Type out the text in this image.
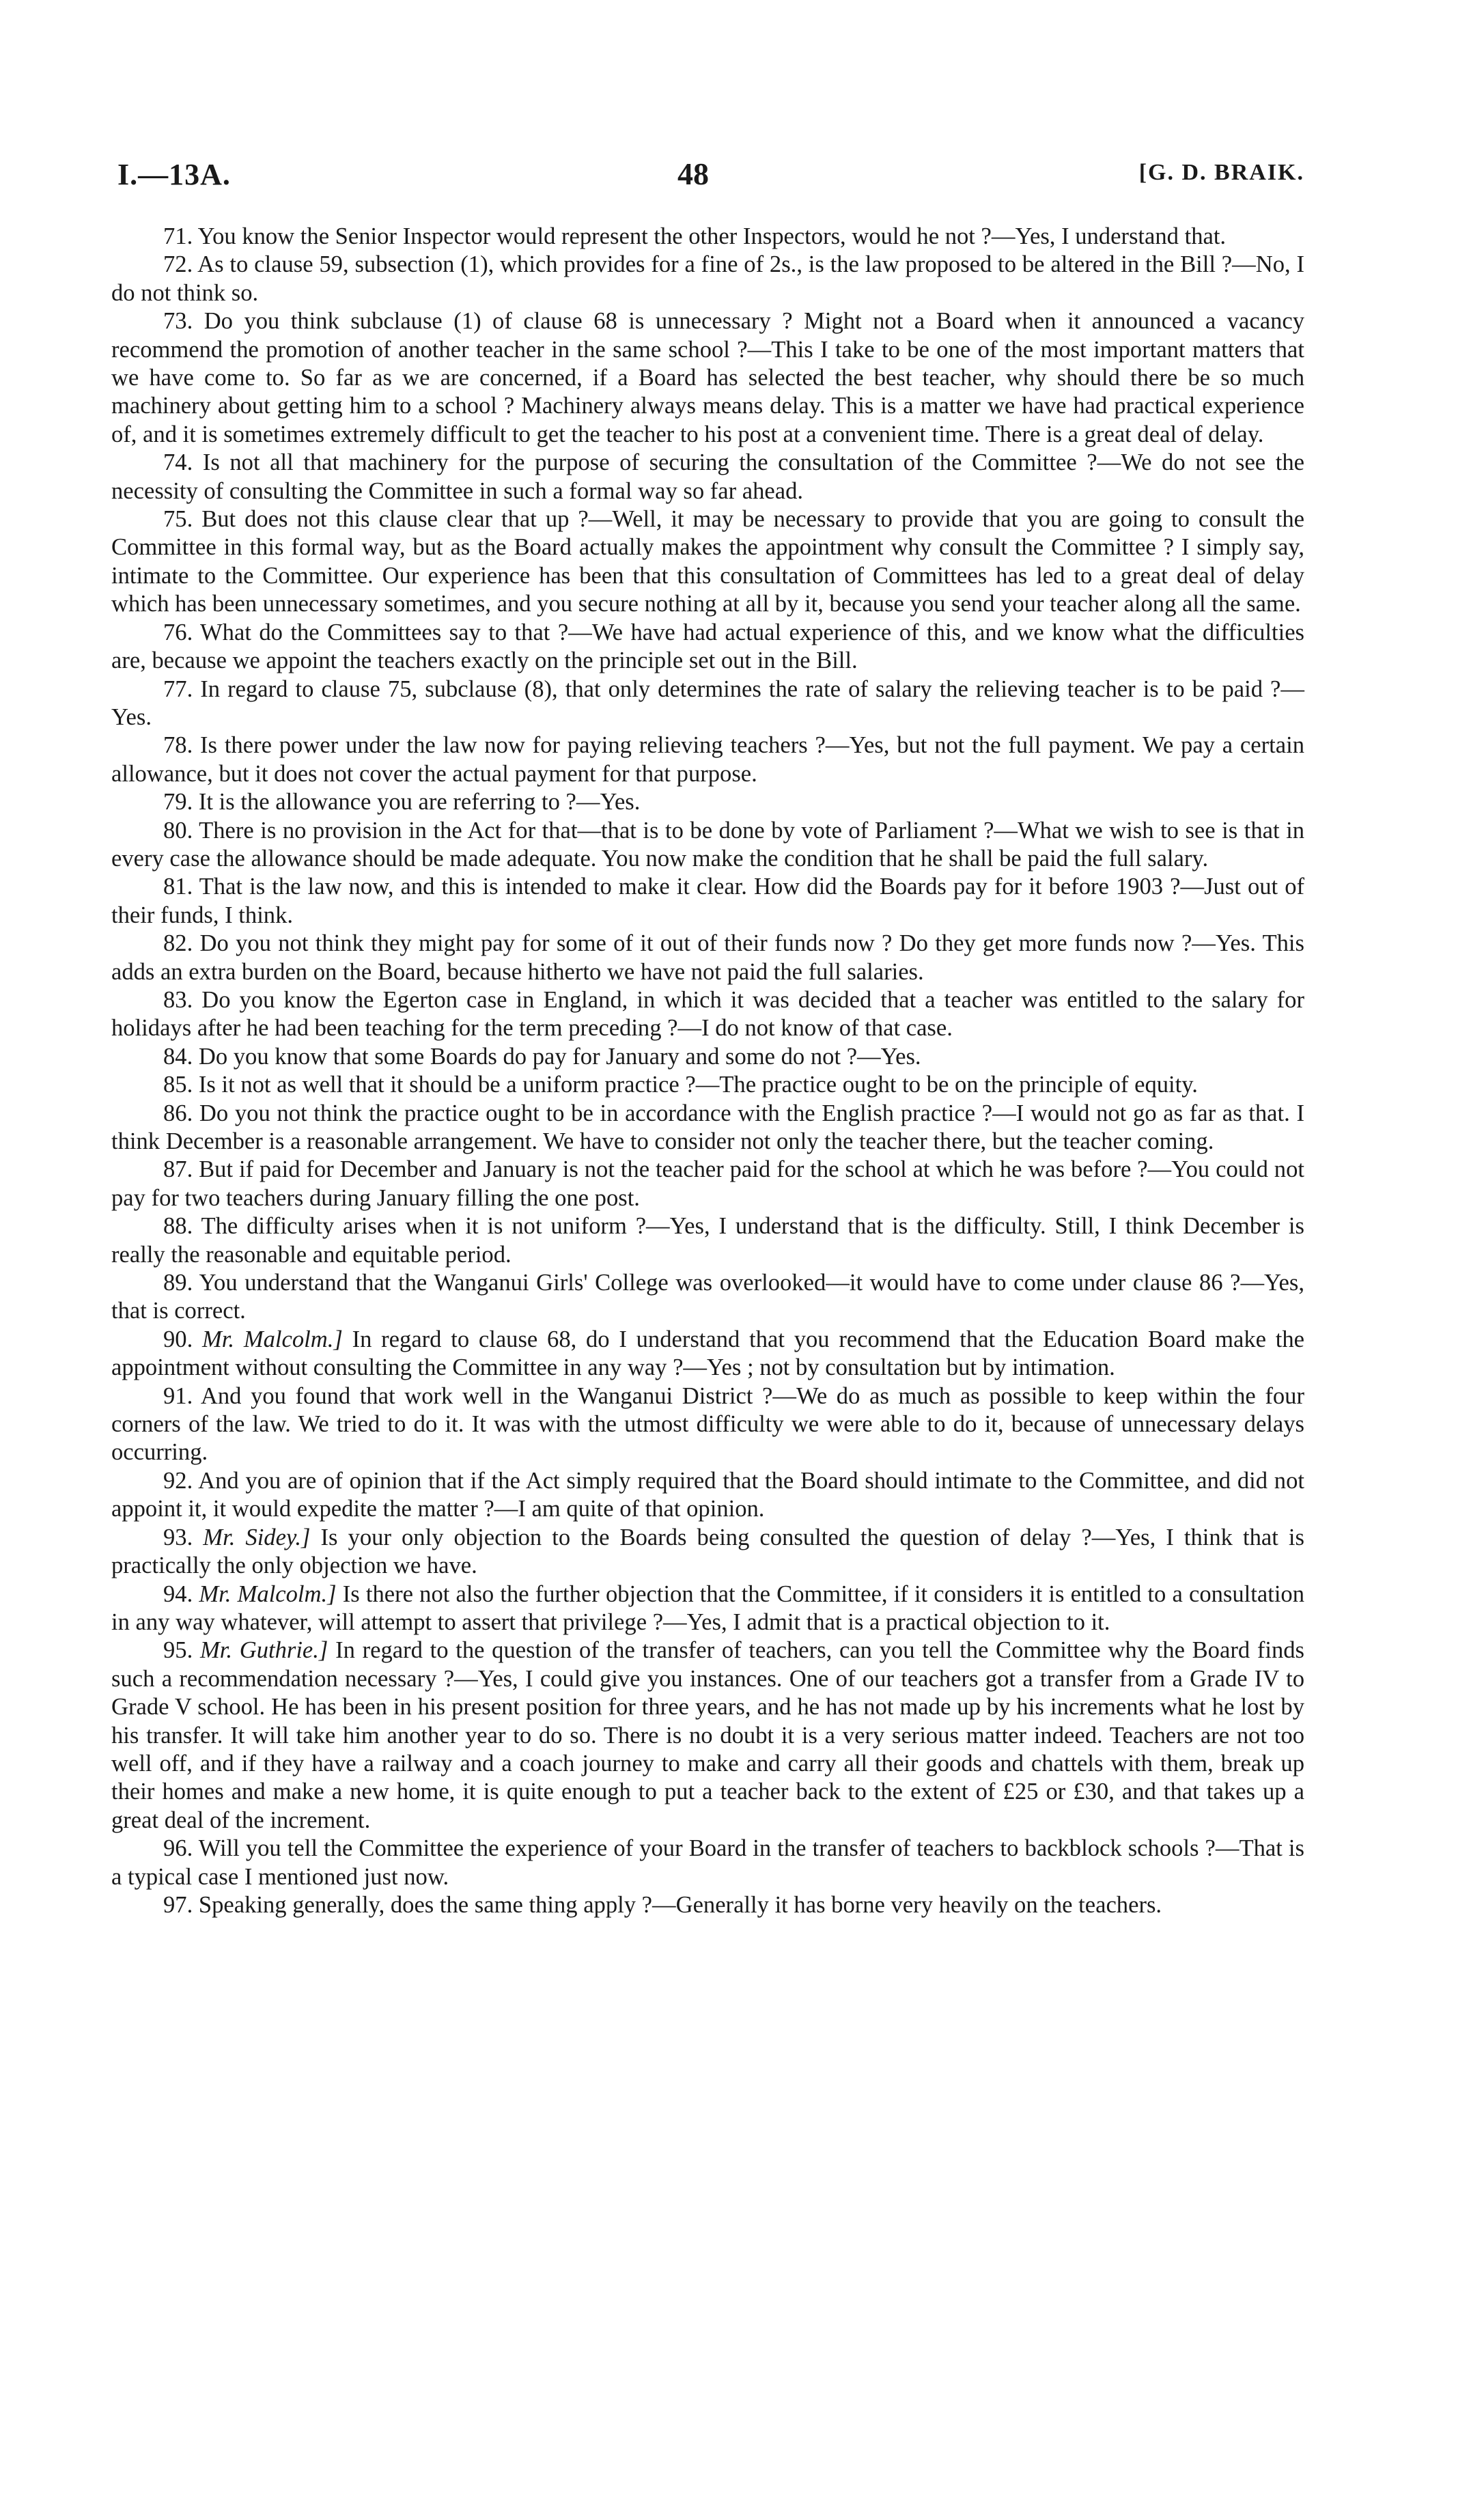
I.—13A.	48	[G. D. BRAIK.

71. You know the Senior Inspector would represent the other Inspectors, would he not ?—Yes, I understand that.

72. As to clause 59, subsection (1), which provides for a fine of 2s., is the law proposed to be altered in the Bill ?—No, I do not think so.

73. Do you think subclause (1) of clause 68 is unnecessary ? Might not a Board when it announced a vacancy recommend the promotion of another teacher in the same school ?—This I take to be one of the most important matters that we have come to. So far as we are concerned, if a Board has selected the best teacher, why should there be so much machinery about getting him to a school ? Machinery always means delay. This is a matter we have had practical experience of, and it is sometimes extremely difficult to get the teacher to his post at a convenient time. There is a great deal of delay.

74. Is not all that machinery for the purpose of securing the consultation of the Committee ?—We do not see the necessity of consulting the Committee in such a formal way so far ahead.

75. But does not this clause clear that up ?—Well, it may be necessary to provide that you are going to consult the Committee in this formal way, but as the Board actually makes the appointment why consult the Committee ? I simply say, intimate to the Committee. Our experience has been that this consultation of Committees has led to a great deal of delay which has been unnecessary sometimes, and you secure nothing at all by it, because you send your teacher along all the same.

76. What do the Committees say to that ?—We have had actual experience of this, and we know what the difficulties are, because we appoint the teachers exactly on the principle set out in the Bill.

77. In regard to clause 75, subclause (8), that only determines the rate of salary the relieving teacher is to be paid ?—Yes.

78. Is there power under the law now for paying relieving teachers ?—Yes, but not the full payment. We pay a certain allowance, but it does not cover the actual payment for that purpose.

79. It is the allowance you are referring to ?—Yes.

80. There is no provision in the Act for that—that is to be done by vote of Parliament ?—What we wish to see is that in every case the allowance should be made adequate. You now make the condition that he shall be paid the full salary.

81. That is the law now, and this is intended to make it clear. How did the Boards pay for it before 1903 ?—Just out of their funds, I think.

82. Do you not think they might pay for some of it out of their funds now ? Do they get more funds now ?—Yes. This adds an extra burden on the Board, because hitherto we have not paid the full salaries.

83. Do you know the Egerton case in England, in which it was decided that a teacher was entitled to the salary for holidays after he had been teaching for the term preceding ?—I do not know of that case.

84. Do you know that some Boards do pay for January and some do not ?—Yes.

85. Is it not as well that it should be a uniform practice ?—The practice ought to be on the principle of equity.

86. Do you not think the practice ought to be in accordance with the English practice ?—I would not go as far as that. I think December is a reasonable arrangement. We have to consider not only the teacher there, but the teacher coming.

87. But if paid for December and January is not the teacher paid for the school at which he was before ?—You could not pay for two teachers during January filling the one post.

88. The difficulty arises when it is not uniform ?—Yes, I understand that is the difficulty. Still, I think December is really the reasonable and equitable period.

89. You understand that the Wanganui Girls' College was overlooked—it would have to come under clause 86 ?—Yes, that is correct.

90. Mr. Malcolm.] In regard to clause 68, do I understand that you recommend that the Education Board make the appointment without consulting the Committee in any way ?—Yes ; not by consultation but by intimation.

91. And you found that work well in the Wanganui District ?—We do as much as possible to keep within the four corners of the law. We tried to do it. It was with the utmost difficulty we were able to do it, because of unnecessary delays occurring.

92. And you are of opinion that if the Act simply required that the Board should intimate to the Committee, and did not appoint it, it would expedite the matter ?—I am quite of that opinion.

93. Mr. Sidey.] Is your only objection to the Boards being consulted the question of delay ?—Yes, I think that is practically the only objection we have.

94. Mr. Malcolm.] Is there not also the further objection that the Committee, if it considers it is entitled to a consultation in any way whatever, will attempt to assert that privilege ?—Yes, I admit that is a practical objection to it.

95. Mr. Guthrie.] In regard to the question of the transfer of teachers, can you tell the Committee why the Board finds such a recommendation necessary ?—Yes, I could give you instances. One of our teachers got a transfer from a Grade IV to Grade V school. He has been in his present position for three years, and he has not made up by his increments what he lost by his transfer. It will take him another year to do so. There is no doubt it is a very serious matter indeed. Teachers are not too well off, and if they have a railway and a coach journey to make and carry all their goods and chattels with them, break up their homes and make a new home, it is quite enough to put a teacher back to the extent of £25 or £30, and that takes up a great deal of the increment.

96. Will you tell the Committee the experience of your Board in the transfer of teachers to backblock schools ?—That is a typical case I mentioned just now.

97. Speaking generally, does the same thing apply ?—Generally it has borne very heavily on the teachers.
